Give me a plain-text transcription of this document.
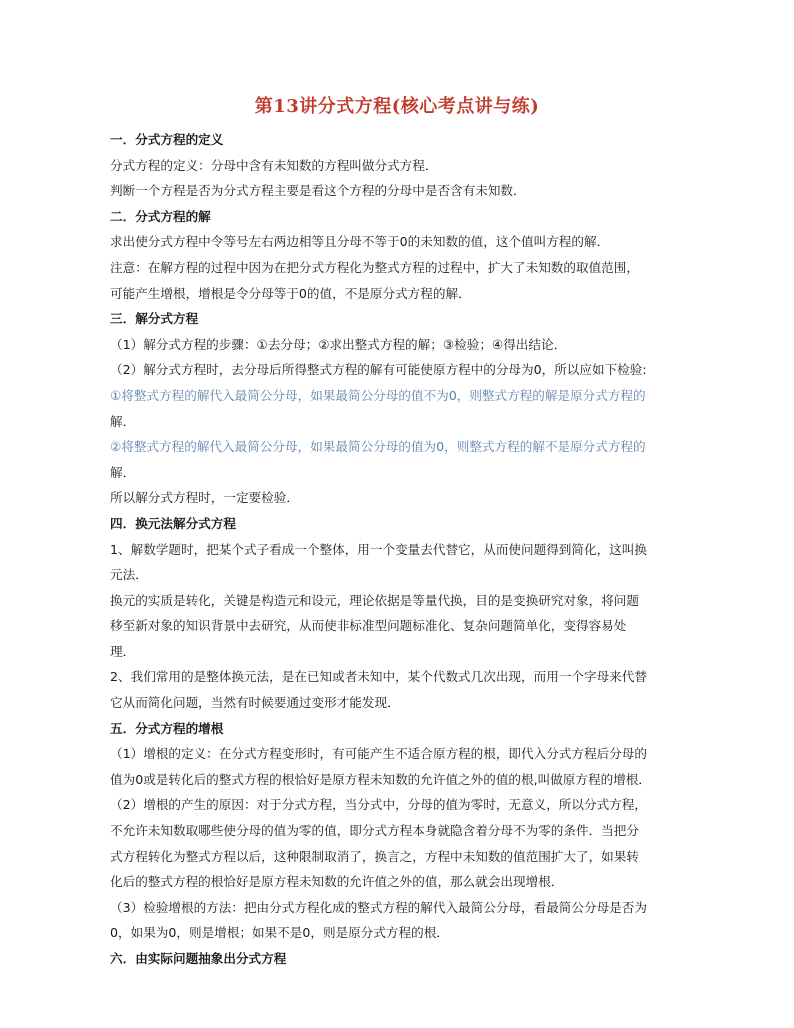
第13讲分式方程(核心考点讲与练)
一．分式方程的定义
分式方程的定义：分母中含有未知数的方程叫做分式方程．
判断一个方程是否为分式方程主要是看这个方程的分母中是否含有未知数．
二．分式方程的解
求出使分式方程中令等号左右两边相等且分母不等于0的未知数的值，这个值叫方程的解．
注意：在解方程的过程中因为在把分式方程化为整式方程的过程中，扩大了未知数的取值范围，
可能产生增根，增根是令分母等于0的值，不是原分式方程的解．
三．解分式方程
（1）解分式方程的步骤：①去分母；②求出整式方程的解；③检验；④得出结论．
（2）解分式方程时，去分母后所得整式方程的解有可能使原方程中的分母为0，所以应如下检验:
①将整式方程的解代入最简公分母，如果最简公分母的值不为0，则整式方程的解是原分式方程的
解．
②将整式方程的解代入最简公分母，如果最简公分母的值为0，则整式方程的解不是原分式方程的
解．
所以解分式方程时，一定要检验．
四．换元法解分式方程
1、解数学题时，把某个式子看成一个整体，用一个变量去代替它，从而使问题得到简化，这叫换
元法．
换元的实质是转化，关键是构造元和设元，理论依据是等量代换，目的是变换研究对象，将问题
移至新对象的知识背景中去研究，从而使非标准型问题标准化、复杂问题简单化，变得容易处
理．
2、我们常用的是整体换元法，是在已知或者未知中，某个代数式几次出现，而用一个字母来代替
它从而简化问题，当然有时候要通过变形才能发现．
五．分式方程的增根
（1）增根的定义：在分式方程变形时，有可能产生不适合原方程的根，即代入分式方程后分母的
值为0或是转化后的整式方程的根恰好是原方程未知数的允许值之外的值的根,叫做原方程的增根．
（2）增根的产生的原因：对于分式方程，当分式中，分母的值为零时，无意义，所以分式方程，
不允许未知数取哪些使分母的值为零的值，即分式方程本身就隐含着分母不为零的条件．当把分
式方程转化为整式方程以后，这种限制取消了，换言之，方程中未知数的值范围扩大了，如果转
化后的整式方程的根恰好是原方程未知数的允许值之外的值，那么就会出现增根．
（3）检验增根的方法：把由分式方程化成的整式方程的解代入最简公分母，看最简公分母是否为
0，如果为0，则是增根；如果不是0，则是原分式方程的根．
六．由实际问题抽象出分式方程
